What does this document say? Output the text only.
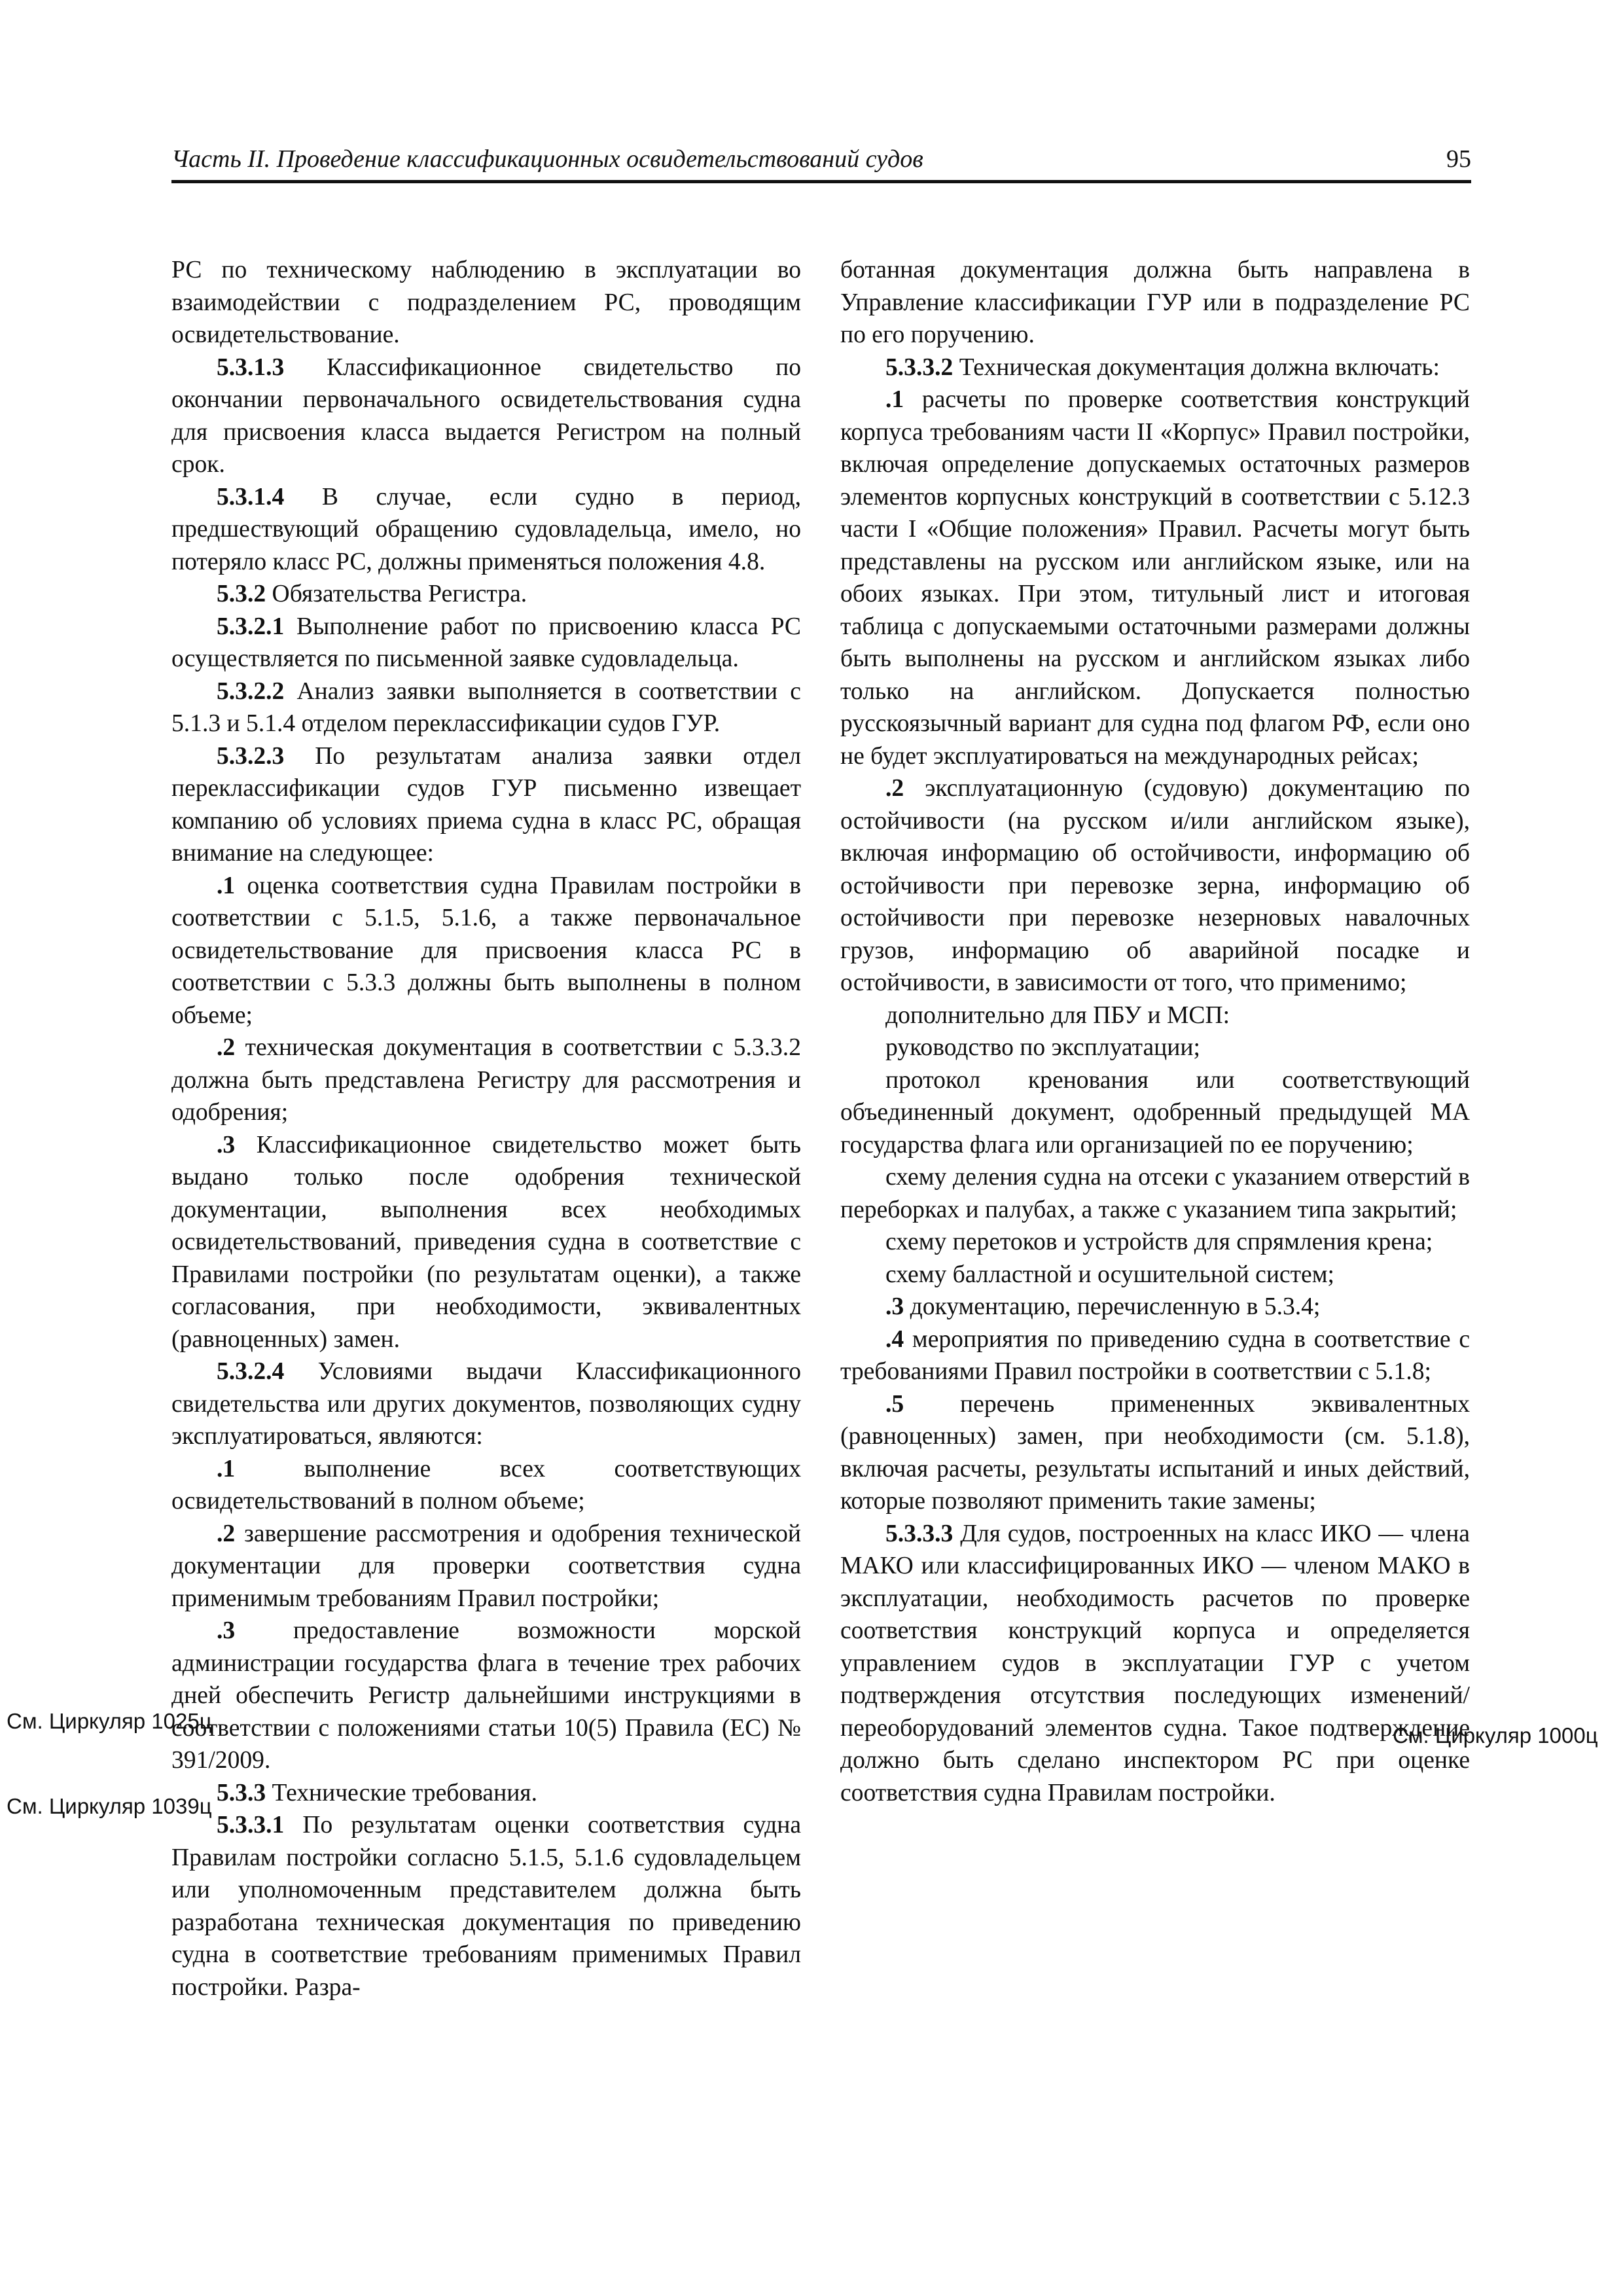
Часть II. Проведение классификационных освидетельствований судов	95

РС по техническому наблюдению в эксплуатации во взаимодействии с подразделением РС, проводящим освидетельствование.

5.3.1.3 Классификационное свидетельство по окончании первоначального освидетельствования судна для присвоения класса выдается Регистром на полный срок.

5.3.1.4 В случае, если судно в период, предшествующий обращению судовладельца, имело, но потеряло класс РС, должны применяться положения 4.8.

5.3.2 Обязательства Регистра.

5.3.2.1 Выполнение работ по присвоению класса РС осуществляется по письменной заявке судовладельца.

5.3.2.2 Анализ заявки выполняется в соответствии с 5.1.3 и 5.1.4 отделом переклассификации судов ГУР.

5.3.2.3 По результатам анализа заявки отдел переклассификации судов ГУР письменно извещает компанию об условиях приема судна в класс РС, обращая внимание на следующее:

.1 оценка соответствия судна Правилам постройки в соответствии с 5.1.5, 5.1.6, а также первоначальное освидетельствование для присвоения класса РС в соответствии с 5.3.3 должны быть выполнены в полном объеме;

.2 техническая документация в соответствии с 5.3.3.2 должна быть представлена Регистру для рассмотрения и одобрения;

.3 Классификационное свидетельство может быть выдано только после одобрения технической документации, выполнения всех необходимых освидетельствований, приведения судна в соответствие с Правилами постройки (по результатам оценки), а также согласования, при необходимости, эквивалентных (равноценных) замен.

5.3.2.4 Условиями выдачи Классификационного свидетельства или других документов, позволяющих судну эксплуатироваться, являются:

.1 выполнение всех соответствующих освидетельствований в полном объеме;

.2 завершение рассмотрения и одобрения технической документации для проверки соответствия судна применимым требованиям Правил постройки;

.3 предоставление возможности морской администрации государства флага в течение трех рабочих дней обеспечить Регистр дальнейшими инструкциями в соответствии с положениями статьи 10(5) Правила (ЕС) № 391/2009.

5.3.3 Технические требования.

5.3.3.1 По результатам оценки соответствия судна Правилам постройки согласно 5.1.5, 5.1.6 судовладельцем или уполномоченным представителем должна быть разработана техническая документация по приведению судна в соответствие требованиям применимых Правил постройки. Разра-

ботанная документация должна быть направлена в Управление классификации ГУР или в подразделение РС по его поручению.

5.3.3.2 Техническая документация должна включать:

.1 расчеты по проверке соответствия конструкций корпуса требованиям части II «Корпус» Правил постройки, включая определение допускаемых остаточных размеров элементов корпусных конструкций в соответствии с 5.12.3 части I «Общие положения» Правил. Расчеты могут быть представлены на русском или английском языке, или на обоих языках. При этом, титульный лист и итоговая таблица с допускаемыми остаточными размерами должны быть выполнены на русском и английском языках либо только на английском. Допускается полностью русскоязычный вариант для судна под флагом РФ, если оно не будет эксплуатироваться на международных рейсах;

.2 эксплуатационную (судовую) документацию по остойчивости (на русском и/или английском языке), включая информацию об остойчивости, информацию об остойчивости при перевозке зерна, информацию об остойчивости при перевозке незерновых навалочных грузов, информацию об аварийной посадке и остойчивости, в зависимости от того, что применимо;

дополнительно для ПБУ и МСП:

руководство по эксплуатации;

протокол кренования или соответствующий объединенный документ, одобренный предыдущей МА государства флага или организацией по ее поручению;

схему деления судна на отсеки с указанием отверстий в переборках и палубах, а также с указанием типа закрытий;

схему перетоков и устройств для спрямления крена;

схему балластной и осушительной систем;

.3 документацию, перечисленную в 5.3.4;

.4 мероприятия по приведению судна в соответствие с требованиями Правил постройки в соответствии с 5.1.8;

.5 перечень примененных эквивалентных (равноценных) замен, при необходимости (см. 5.1.8), включая расчеты, результаты испытаний и иных действий, которые позволяют применить такие замены;

5.3.3.3 Для судов, построенных на класс ИКО — члена МАКО или классифицированных ИКО — членом МАКО в эксплуатации, необходимость расчетов по проверке соответствия конструкций корпуса и определяется управлением судов в эксплуатации ГУР с учетом подтверждения отсутствия последующих изменений/переоборудований элементов судна. Такое подтверждение должно быть сделано инспектором РС при оценке соответствия судна Правилам постройки.

См. Циркуляр 1025ц
См. Циркуляр 1039ц
См. Циркуляр 1000ц
